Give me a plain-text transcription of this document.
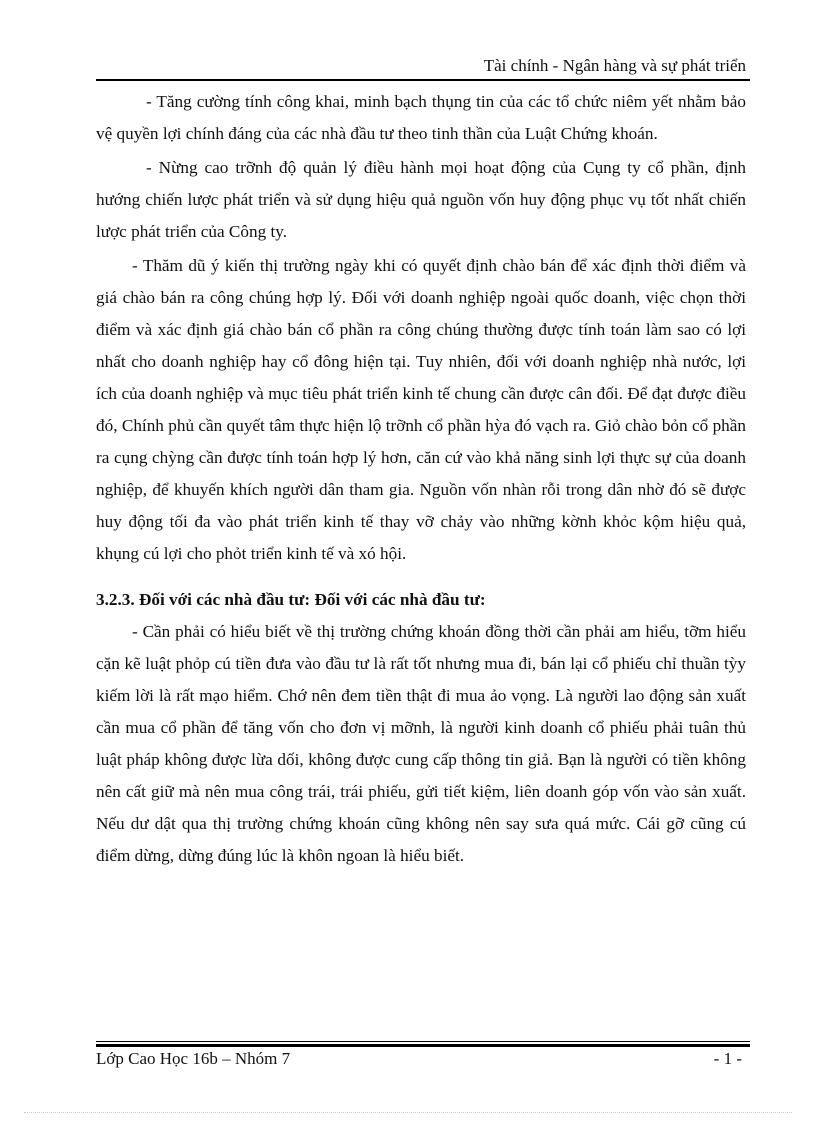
Tài chính - Ngân hàng và sự phát triển

- Tăng cường tính công khai, minh bạch thụng tin của các tổ chức niêm yết nhằm bảo vệ quyền lợi chính đáng của các nhà đầu tư theo tinh thần của Luật Chứng khoán.

- Nừng cao trỡnh độ quản lý điều hành mọi hoạt động của Cụng ty cổ phần, định hướng chiến lược phát triển và sử dụng hiệu quả nguồn vốn huy động phục vụ tốt nhất chiến lược phát triển của Công ty.

- Thăm dũ ý kiến thị trường ngày khi có quyết định chào bán để xác định thời điểm và giá chào bán ra công chúng hợp lý. Đối với doanh nghiệp ngoài quốc doanh, việc chọn thời điểm và xác định giá chào bán cổ phần ra công chúng thường được tính toán làm sao có lợi nhất cho doanh nghiệp hay cổ đông hiện tại. Tuy nhiên, đối với doanh nghiệp nhà nước, lợi ích của doanh nghiệp và mục tiêu phát triển kinh tế chung cần được cân đối. Để đạt được điều đó, Chính phủ cần quyết tâm thực hiện lộ trỡnh cổ phần hỳa đó vạch ra. Giỏ chào bỏn cổ phần ra cụng chỳng cần được tính toán hợp lý hơn, căn cứ vào khả năng sinh lợi thực sự của doanh nghiệp, để khuyến khích người dân tham gia. Nguồn vốn nhàn rỗi trong dân nhờ đó sẽ được huy động tối đa vào phát triển kinh tế thay vỡ chảy vào những kờnh khỏc kộm hiệu quả, khụng cú lợi cho phỏt triển kinh tế và xó hội.

3.2.3. Đối với các nhà đầu tư: Đối với các nhà đầu tư:

- Cần phải có hiểu biết về thị trường chứng khoán đồng thời cần phải am hiểu, tỡm hiểu cặn kẽ luật phỏp cú tiền đưa vào đầu tư là rất tốt nhưng mua đi, bán lại cổ phiếu chỉ thuần tỳy kiếm lời là rất mạo hiểm. Chớ nên đem tiền thật đi mua ảo vọng. Là người lao động sản xuất cần mua cổ phần để tăng vốn cho đơn vị mỡnh, là người kinh doanh cổ phiếu phải tuân thủ luật pháp không được lừa dối, không được cung cấp thông tin giả. Bạn là người có tiền không nên cất giữ mà nên mua công trái, trái phiếu, gửi tiết kiệm, liên doanh góp vốn vào sản xuất. Nếu dư dật qua thị trường chứng khoán cũng không nên say sưa quá mức. Cái gỡ cũng cú điểm dừng, dừng đúng lúc là khôn ngoan là hiểu biết.

Lớp Cao Học 16b – Nhóm 7	- 1 -
